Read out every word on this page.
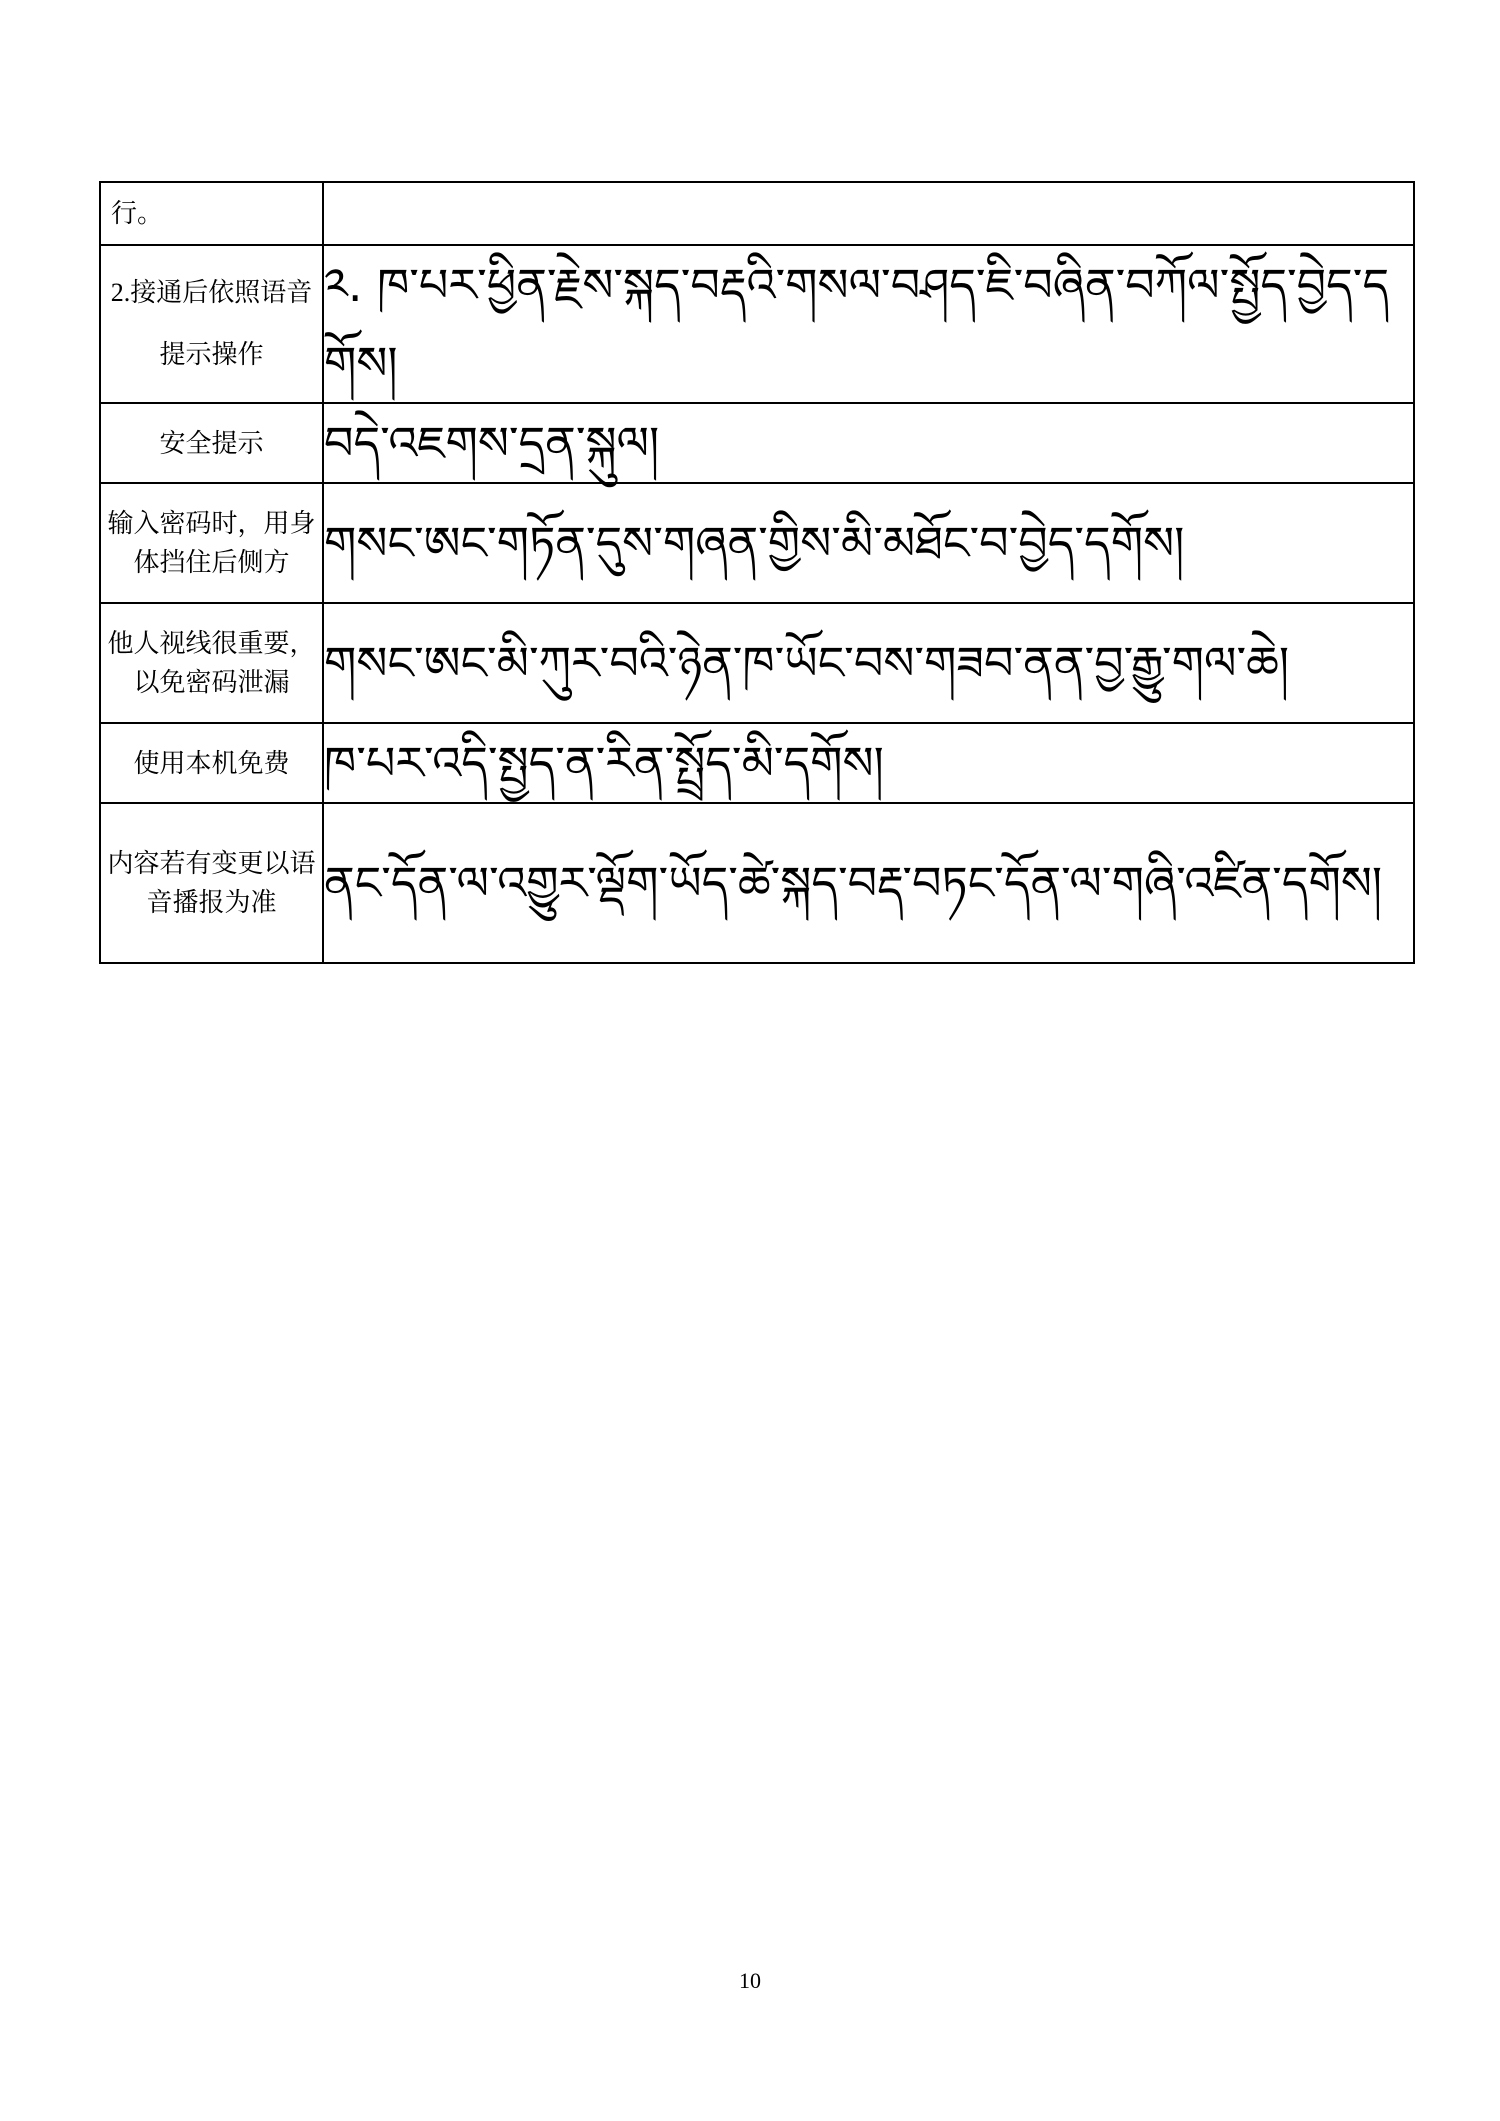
行。	
2.接通后依照语音提示操作	༢. ཁ་པར་ཕྱིན་རྗེས་སྐད་བརྡའི་གསལ་བཤད་ཇི་བཞིན་བཀོལ་སྤྱོད་བྱེད་དགོས།
安全提示	བདེ་འཇགས་དྲན་སྐུལ།
输入密码时，用身体挡住后侧方	གསང་ཨང་གཏོན་དུས་གཞན་གྱིས་མི་མཐོང་བ་བྱེད་དགོས།
他人视线很重要，以免密码泄漏	གསང་ཨང་མི་ཀུར་བའི་ཉེན་ཁ་ཡོང་བས་གཟབ་ནན་བྱ་རྒྱུ་གལ་ཆེ།
使用本机免费	ཁ་པར་འདི་སྤྱད་ན་རིན་སྤྲོད་མི་དགོས།
内容若有变更以语音播报为准	ནང་དོན་ལ་འགྱུར་ལྡོག་ཡོད་ཚེ་སྐད་བརྡ་བཏང་དོན་ལ་གཞི་འཛིན་དགོས།
10
